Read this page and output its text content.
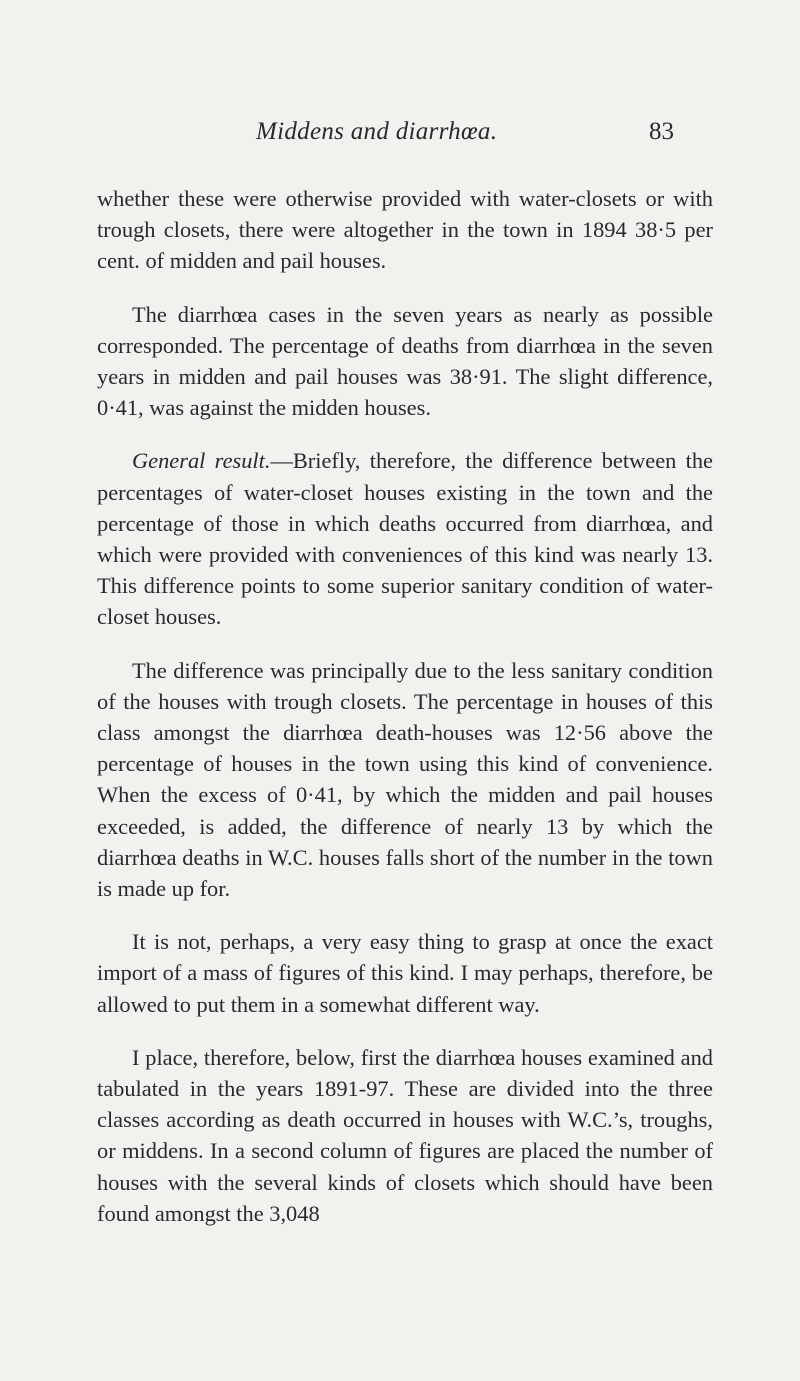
Middens and diarrhœa.	83

whether these were otherwise provided with water-closets or with trough closets, there were altogether in the town in 1894 38·5 per cent. of midden and pail houses.

The diarrhœa cases in the seven years as nearly as possible corresponded. The percentage of deaths from diarrhœa in the seven years in midden and pail houses was 38·91. The slight difference, 0·41, was against the midden houses.

General result.—Briefly, therefore, the difference between the percentages of water-closet houses existing in the town and the percentage of those in which deaths occurred from diarrhœa, and which were provided with conveniences of this kind was nearly 13. This difference points to some superior sanitary condition of water-closet houses.

The difference was principally due to the less sanitary condition of the houses with trough closets. The percentage in houses of this class amongst the diarrhœa death-houses was 12·56 above the percentage of houses in the town using this kind of convenience. When the excess of 0·41, by which the midden and pail houses exceeded, is added, the difference of nearly 13 by which the diarrhœa deaths in W.C. houses falls short of the number in the town is made up for.

It is not, perhaps, a very easy thing to grasp at once the exact import of a mass of figures of this kind. I may perhaps, therefore, be allowed to put them in a somewhat different way.

I place, therefore, below, first the diarrhœa houses examined and tabulated in the years 1891-97. These are divided into the three classes according as death occurred in houses with W.C.’s, troughs, or middens. In a second column of figures are placed the number of houses with the several kinds of closets which should have been found amongst the 3,048
